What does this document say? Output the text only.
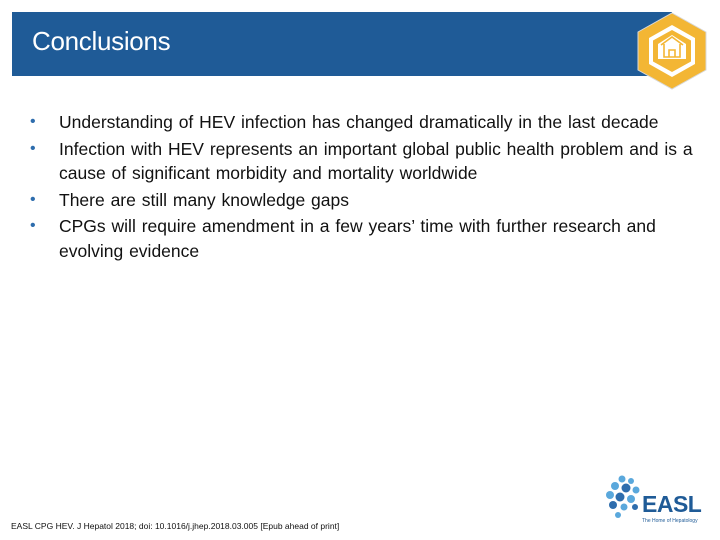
Conclusions
• Understanding of HEV infection has changed dramatically in the last decade
• Infection with HEV represents an important global public health problem and is a cause of significant morbidity and mortality worldwide
• There are still many knowledge gaps
• CPGs will require amendment in a few years’ time with further research and evolving evidence
EASL CPG HEV. J Hepatol 2018; doi: 10.1016/j.jhep.2018.03.005 [Epub ahead of print]
EASL
The Home of Hepatology
